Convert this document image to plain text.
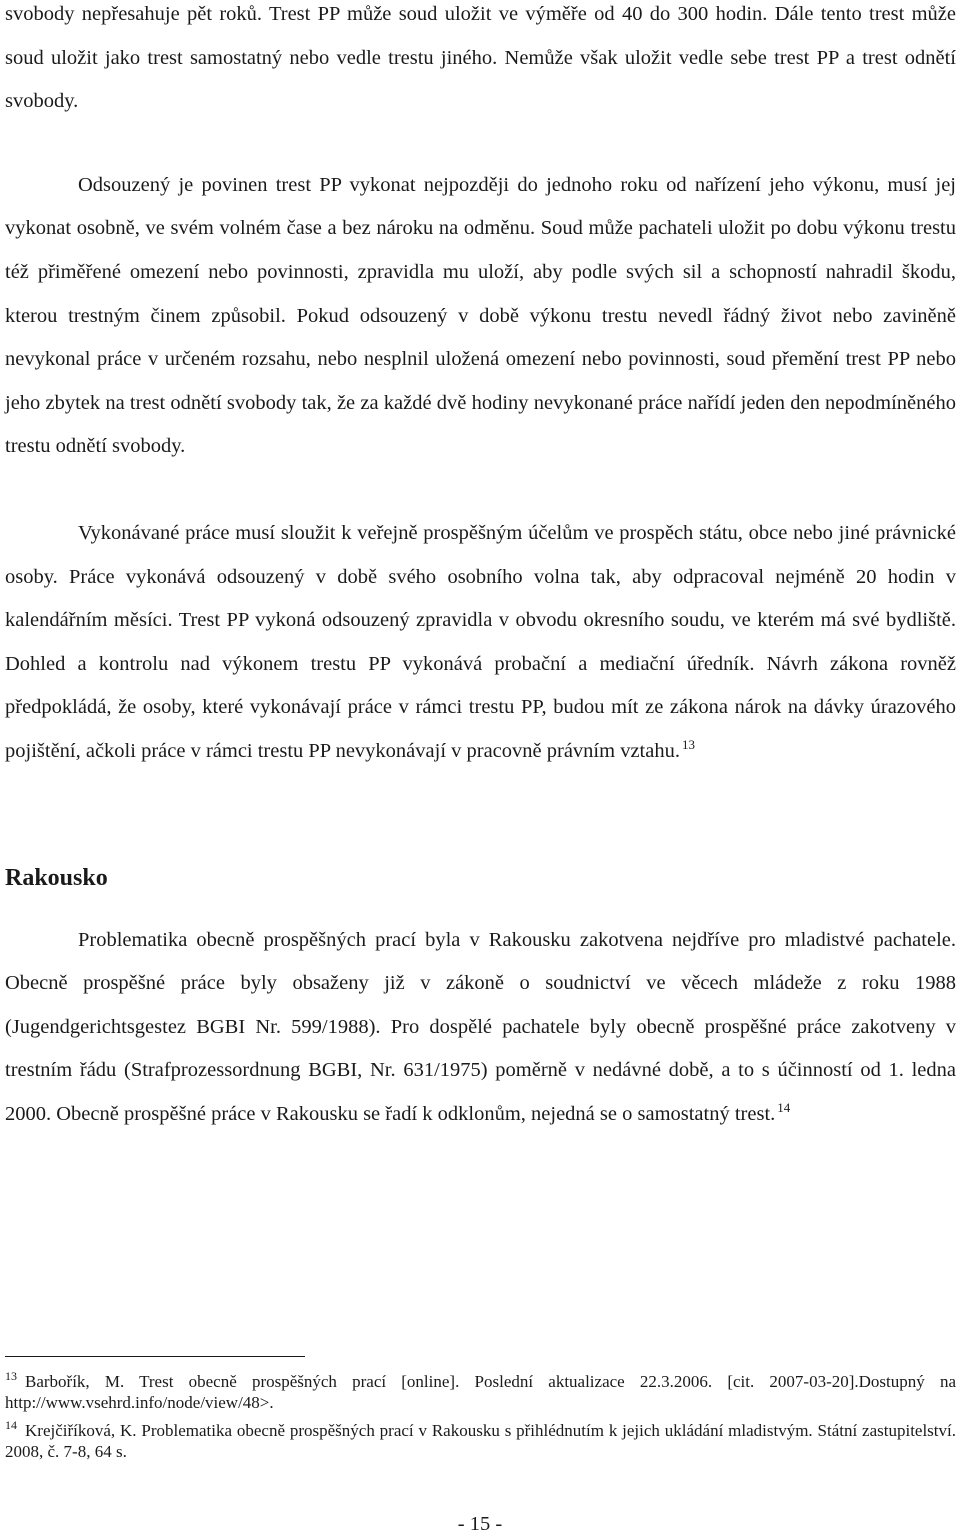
svobody nepřesahuje pět roků. Trest PP může soud uložit ve výměře od 40 do 300 hodin. Dále tento trest může soud uložit jako trest samostatný nebo vedle trestu jiného. Nemůže však uložit vedle sebe trest PP a trest odnětí svobody.

Odsouzený je povinen trest PP vykonat nejpozději do jednoho roku od nařízení jeho výkonu, musí jej vykonat osobně, ve svém volném čase a bez nároku na odměnu. Soud může pachateli uložit po dobu výkonu trestu též přiměřené omezení nebo povinnosti, zpravidla mu uloží, aby podle svých sil a schopností nahradil škodu, kterou trestným činem způsobil. Pokud odsouzený v době výkonu trestu nevedl řádný život nebo zaviněně nevykonal práce v určeném rozsahu, nebo nesplnil uložená omezení nebo povinnosti, soud přemění trest PP nebo jeho zbytek na trest odnětí svobody tak, že za každé dvě hodiny nevykonané práce nařídí jeden den nepodmíněného trestu odnětí svobody.

Vykonávané práce musí sloužit k veřejně prospěšným účelům ve prospěch státu, obce nebo jiné právnické osoby. Práce vykonává odsouzený v době svého osobního volna tak, aby odpracoval nejméně 20 hodin v kalendářním měsíci. Trest PP vykoná odsouzený zpravidla v obvodu okresního soudu, ve kterém má své bydliště. Dohled a kontrolu nad výkonem trestu PP vykonává probační a mediační úředník. Návrh zákona rovněž předpokládá, že osoby, které vykonávají práce v rámci trestu PP, budou mít ze zákona nárok na dávky úrazového pojištění, ačkoli práce v rámci trestu PP nevykonávají v pracovně právním vztahu. $^{13}$

Rakousko

Problematika obecně prospěšných prací byla v Rakousku zakotvena nejdříve pro mladistvé pachatele. Obecně prospěšné práce byly obsaženy již v zákoně o soudnictví ve věcech mládeže z roku 1988 (Jugendgerichtsgestez BGBI Nr. 599/1988). Pro dospělé pachatele byly obecně prospěšné práce zakotveny v trestním řádu (Strafprozessordnung BGBI, Nr. 631/1975) poměrně v nedávné době, a to s účinností od 1. ledna 2000. Obecně prospěšné práce v Rakousku se řadí k odklonům, nejedná se o samostatný trest. $^{14}$

$^{13}$ Barbořík, M. Trest obecně prospěšných prací [online]. Poslední aktualizace 22.3.2006. [cit. 2007-03-20].Dostupný na http://www.vsehrd.info/node/view/48>.

$^{14}$ Krejčiříková, K. Problematika obecně prospěšných prací v Rakousku s přihlédnutím k jejich ukládání mladistvým. Státní zastupitelství. 2008, č. 7-8, 64 s.

- 15 -
